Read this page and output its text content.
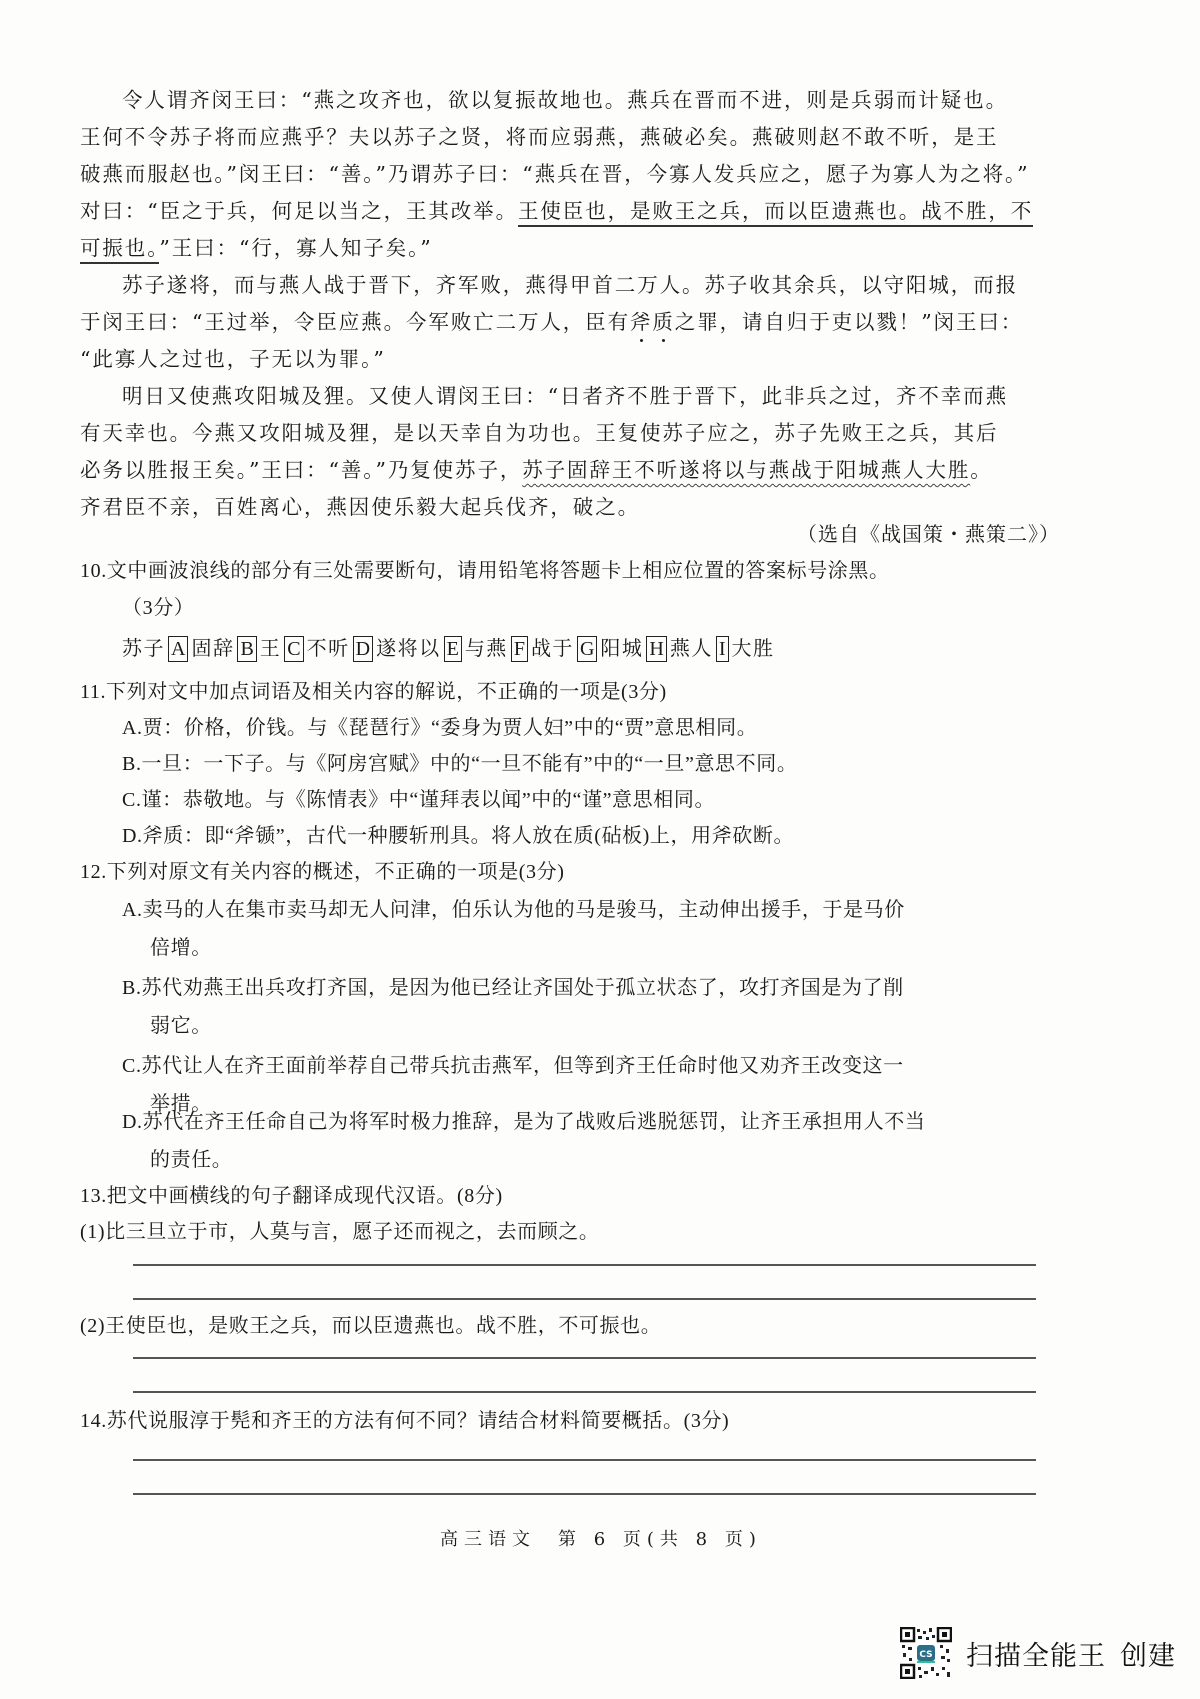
令人谓齐闵王曰：“燕之攻齐也，欲以复振故地也。燕兵在晋而不进，则是兵弱而计疑也。
王何不令苏子将而应燕乎？夫以苏子之贤，将而应弱燕，燕破必矣。燕破则赵不敢不听，是王
破燕而服赵也。”闵王曰：“善。”乃谓苏子曰：“燕兵在晋，今寡人发兵应之，愿子为寡人为之将。”
对曰：“臣之于兵，何足以当之，王其改举。王使臣也，是败王之兵，而以臣遗燕也。战不胜，不
可振也。”王曰：“行，寡人知子矣。”
苏子遂将，而与燕人战于晋下，齐军败，燕得甲首二万人。苏子收其余兵，以守阳城，而报
于闵王曰：“王过举，令臣应燕。今军败亡二万人，臣有斧质之罪，请自归于吏以戮！”闵王曰：
“此寡人之过也，子无以为罪。”
明日又使燕攻阳城及狸。又使人谓闵王曰：“日者齐不胜于晋下，此非兵之过，齐不幸而燕
有天幸也。今燕又攻阳城及狸，是以天幸自为功也。王复使苏子应之，苏子先败王之兵，其后
必务以胜报王矣。”王曰：“善。”乃复使苏子，苏子固辞王不听遂将以与燕战于阳城燕人大胜。
齐君臣不亲，百姓离心，燕因使乐毅大起兵伐齐，破之。
（选自《战国策・燕策二》）
10.文中画波浪线的部分有三处需要断句，请用铅笔将答题卡上相应位置的答案标号涂黑。
（3分）
苏子 A 固辞 B 王 C 不听 D 遂将以 E 与燕 F 战于 G 阳城 H 燕人 I 大胜
11.下列对文中加点词语及相关内容的解说，不正确的一项是(3分)
A.贾：价格，价钱。与《琵琶行》“委身为贾人妇”中的“贾”意思相同。
B.一旦：一下子。与《阿房宫赋》中的“一旦不能有”中的“一旦”意思不同。
C.谨：恭敬地。与《陈情表》中“谨拜表以闻”中的“谨”意思相同。
D.斧质：即“斧锧”，古代一种腰斩刑具。将人放在质(砧板)上，用斧砍断。
12.下列对原文有关内容的概述，不正确的一项是(3分)
A.卖马的人在集市卖马却无人问津，伯乐认为他的马是骏马，主动伸出援手，于是马价
倍增。
B.苏代劝燕王出兵攻打齐国，是因为他已经让齐国处于孤立状态了，攻打齐国是为了削
弱它。
C.苏代让人在齐王面前举荐自己带兵抗击燕军，但等到齐王任命时他又劝齐王改变这一
举措。
D.苏代在齐王任命自己为将军时极力推辞，是为了战败后逃脱惩罚，让齐王承担用人不当
的责任。
13.把文中画横线的句子翻译成现代汉语。(8分)
(1)比三旦立于市，人莫与言，愿子还而视之，去而顾之。
(2)王使臣也，是败王之兵，而以臣遗燕也。战不胜，不可振也。
14.苏代说服淳于髡和齐王的方法有何不同？请结合材料简要概括。(3分)
高三语文 第 6 页(共 8 页)
CS 扫描全能王 创建
